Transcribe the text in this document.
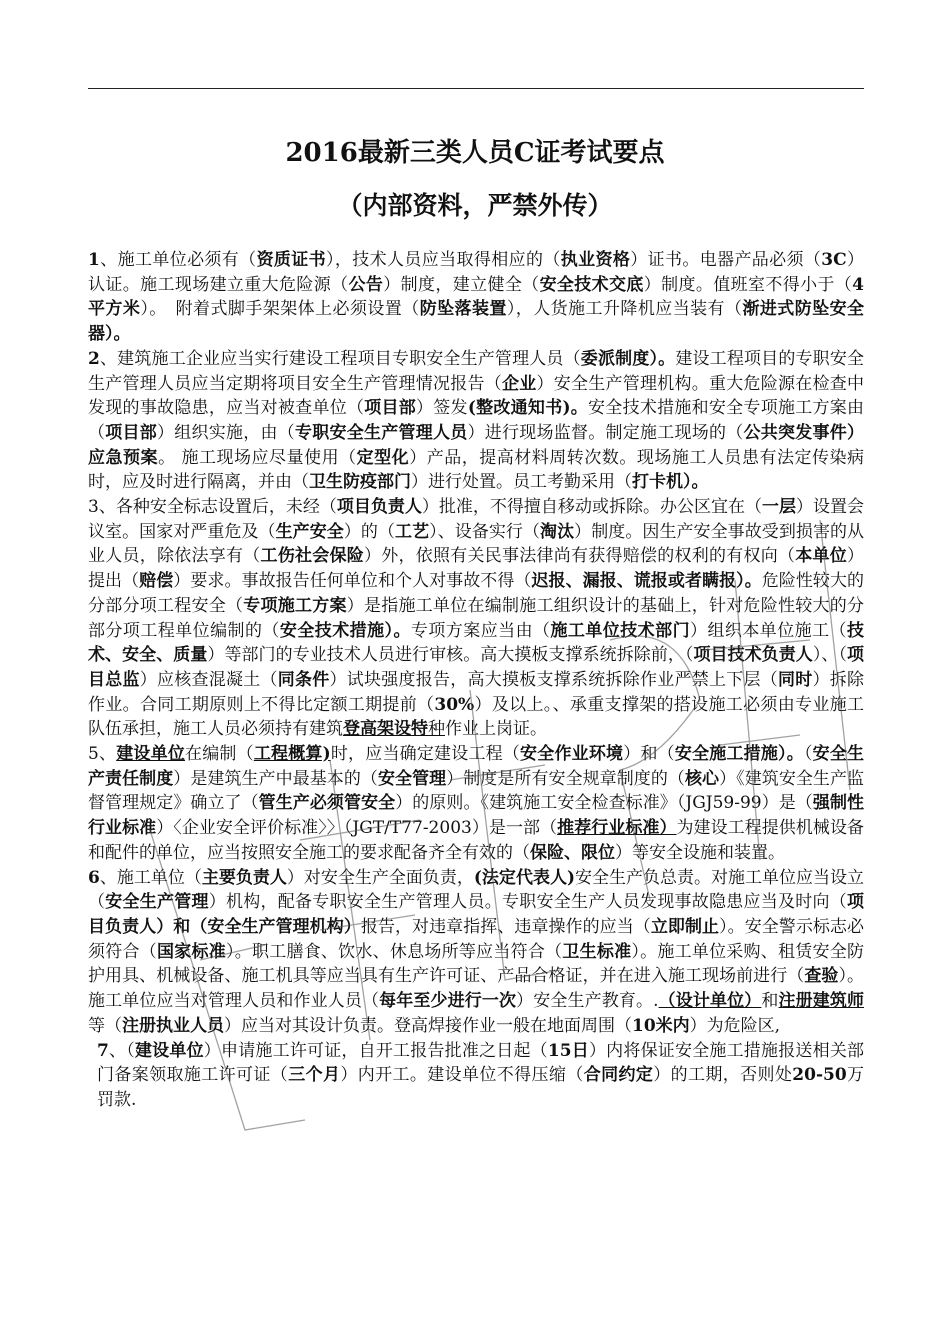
2016最新三类人员C证考试要点
（内部资料，严禁外传）

1、施工单位必须有（资质证书），技术人员应当取得相应的（执业资格）证书。电器产品必须（3C）认证。施工现场建立重大危险源（公告）制度，建立健全（安全技术交底）制度。值班室不得小于（4平方米）。　附着式脚手架架体上必须设置（防坠落装置），人货施工升降机应当装有（渐进式防坠安全器）。

2、建筑施工企业应当实行建设工程项目专职安全生产管理人员（委派制度）。建设工程项目的专职安全生产管理人员应当定期将项目安全生产管理情况报告（企业）安全生产管理机构。重大危险源在检查中发现的事故隐患，应当对被查单位（项目部）签发(整改通知书)。安全技术措施和安全专项施工方案由（项目部）组织实施，由（专职安全生产管理人员）进行现场监督。制定施工现场的（公共突发事件）应急预案。 施工现场应尽量使用（定型化）产品，提高材料周转次数。现场施工人员患有法定传染病时，应及时进行隔离，并由（卫生防疫部门）进行处置。员工考勤采用（打卡机）。

3、各种安全标志设置后，未经（项目负责人）批准，不得擅自移动或拆除。办公区宜在（一层）设置会议室。国家对严重危及（生产安全）的（工艺）、设备实行（淘汰）制度。因生产安全事故受到损害的从业人员，除依法享有（工伤社会保险）外，依照有关民事法律尚有获得赔偿的权利的有权向（本单位）提出（赔偿）要求。事故报告任何单位和个人对事故不得（迟报、漏报、谎报或者瞒报）。危险性较大的分部分项工程安全（专项施工方案）是指施工单位在编制施工组织设计的基础上，针对危险性较大的分部分项工程单位编制的（安全技术措施）。专项方案应当由（施工单位技术部门）组织本单位施工（技术、安全、质量）等部门的专业技术人员进行审核。高大摸板支撑系统拆除前，（项目技术负责人）、（项目总监）应核查混凝土（同条件）试块强度报告，高大摸板支撑系统拆除作业严禁上下层（同时）拆除作业。合同工期原则上不得比定额工期提前（30%）及以上。、承重支撑架的搭设施工必须由专业施工队伍承担，施工人员必须持有建筑登高架设特种作业上岗证。

5、建设单位在编制（工程概算)时，应当确定建设工程（安全作业环境）和（安全施工措施）。（安全生产责任制度）是建筑生产中最基本的（安全管理）制度是所有安全规章制度的（核心）《建筑安全生产监督管理规定》确立了（管生产必须管安全）的原则。《建筑施工安全检查标准》（JGJ59-99）是（强制性行业标准）〈企业安全评价标准〉〉（JGT/T77-2003）是一部（推荐行业标准）为建设工程提供机械设备和配件的单位，应当按照安全施工的要求配备齐全有效的（保险、限位）等安全设施和装置。

6、施工单位（主要负责人）对安全生产全面负责，(法定代表人)安全生产负总责。对施工单位应当设立（安全生产管理）机构，配备专职安全生产管理人员。专职安全生产人员发现事故隐患应当及时向（项目负责人）和（安全生产管理机构）报告，对违章指挥、违章操作的应当（立即制止）。安全警示标志必须符合（国家标准）。职工膳食、饮水、休息场所等应当符合（卫生标准）。施工单位采购、租赁安全防护用具、机械设备、施工机具等应当具有生产许可证、产品合格证，并在进入施工现场前进行（查验）。施工单位应当对管理人员和作业人员（每年至少进行一次）安全生产教育。.（设计单位）和注册建筑师等（注册执业人员）应当对其设计负责。登高焊接作业一般在地面周围（10米内）为危险区,

7、（建设单位）申请施工许可证，自开工报告批准之日起（15日）内将保证安全施工措施报送相关部门备案领取施工许可证（三个月）内开工。建设单位不得压缩（合同约定）的工期，否则处20-50万罚款.
